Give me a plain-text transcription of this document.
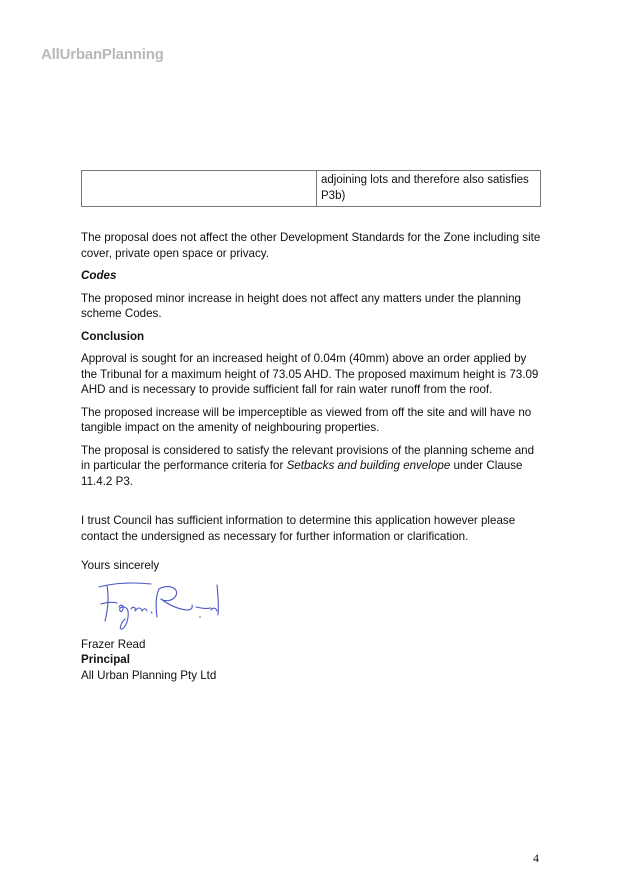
AllUrbanPlanning
	adjoining lots and therefore also satisfies P3b)

The proposal does not affect the other Development Standards for the Zone including site cover, private open space or privacy.

Codes

The proposed minor increase in height does not affect any matters under the planning scheme Codes.

Conclusion

Approval is sought for an increased height of 0.04m (40mm) above an order applied by the Tribunal for a maximum height of 73.05 AHD. The proposed maximum height is 73.09 AHD and is necessary to provide sufficient fall for rain water runoff from the roof.

The proposed increase will be imperceptible as viewed from off the site and will have no tangible impact on the amenity of neighbouring properties.

The proposal is considered to satisfy the relevant provisions of the planning scheme and in particular the performance criteria for Setbacks and building envelope under Clause 11.4.2 P3.

I trust Council has sufficient information to determine this application however please contact the undersigned as necessary for further information or clarification.

Yours sincerely
Frazer Read
Principal
All Urban Planning Pty Ltd
4
